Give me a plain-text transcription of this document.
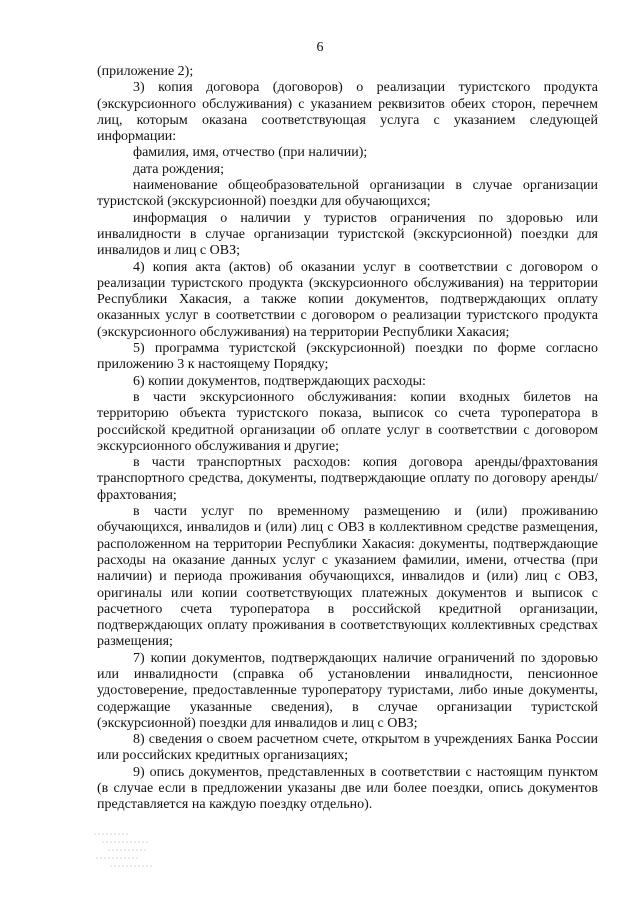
6

(приложение 2);

3) копия договора (договоров) о реализации туристского продукта (экскурсионного обслуживания) с указанием реквизитов обеих сторон, перечнем лиц, которым оказана соответствующая услуга с указанием следующей информации:

фамилия, имя, отчество (при наличии);

дата рождения;

наименование общеобразовательной организации в случае организации туристской (экскурсионной) поездки для обучающихся;

информация о наличии у туристов ограничения по здоровью или инвалидности в случае организации туристской (экскурсионной) поездки для инвалидов и лиц с ОВЗ;

4) копия акта (актов) об оказании услуг в соответствии с договором о реализации туристского продукта (экскурсионного обслуживания) на территории Республики Хакасия, а также копии документов, подтверждающих оплату оказанных услуг в соответствии с договором о реализации туристского продукта (экскурсионного обслуживания) на территории Республики Хакасия;

5) программа туристской (экскурсионной) поездки по форме согласно приложению 3 к настоящему Порядку;

6) копии документов, подтверждающих расходы:

в части экскурсионного обслуживания: копии входных билетов на территорию объекта туристского показа, выписок со счета туроператора в российской кредитной организации об оплате услуг в соответствии с договором экскурсионного обслуживания и другие;

в части транспортных расходов: копия договора аренды/фрахтования транспортного средства, документы, подтверждающие оплату по договору аренды/фрахтования;

в части услуг по временному размещению и (или) проживанию обучающихся, инвалидов и (или) лиц с ОВЗ в коллективном средстве размещения, расположенном на территории Республики Хакасия: документы, подтверждающие расходы на оказание данных услуг с указанием фамилии, имени, отчества (при наличии) и периода проживания обучающихся, инвалидов и (или) лиц с ОВЗ, оригиналы или копии соответствующих платежных документов и выписок с расчетного счета туроператора в российской кредитной организации, подтверждающих оплату проживания в соответствующих коллективных средствах размещения;

7) копии документов, подтверждающих наличие ограничений по здоровью или инвалидности (справка об установлении инвалидности, пенсионное удостоверение, предоставленные туроператору туристами, либо иные документы, содержащие указанные сведения), в случае организации туристской (экскурсионной) поездки для инвалидов и лиц с ОВЗ;

8) сведения о своем расчетном счете, открытом в учреждениях Банка России или российских кредитных организациях;

9) опись документов, представленных в соответствии с настоящим пунктом (в случае если в предложении указаны две или более поездки, опись документов представляется на каждую поездку отдельно).
